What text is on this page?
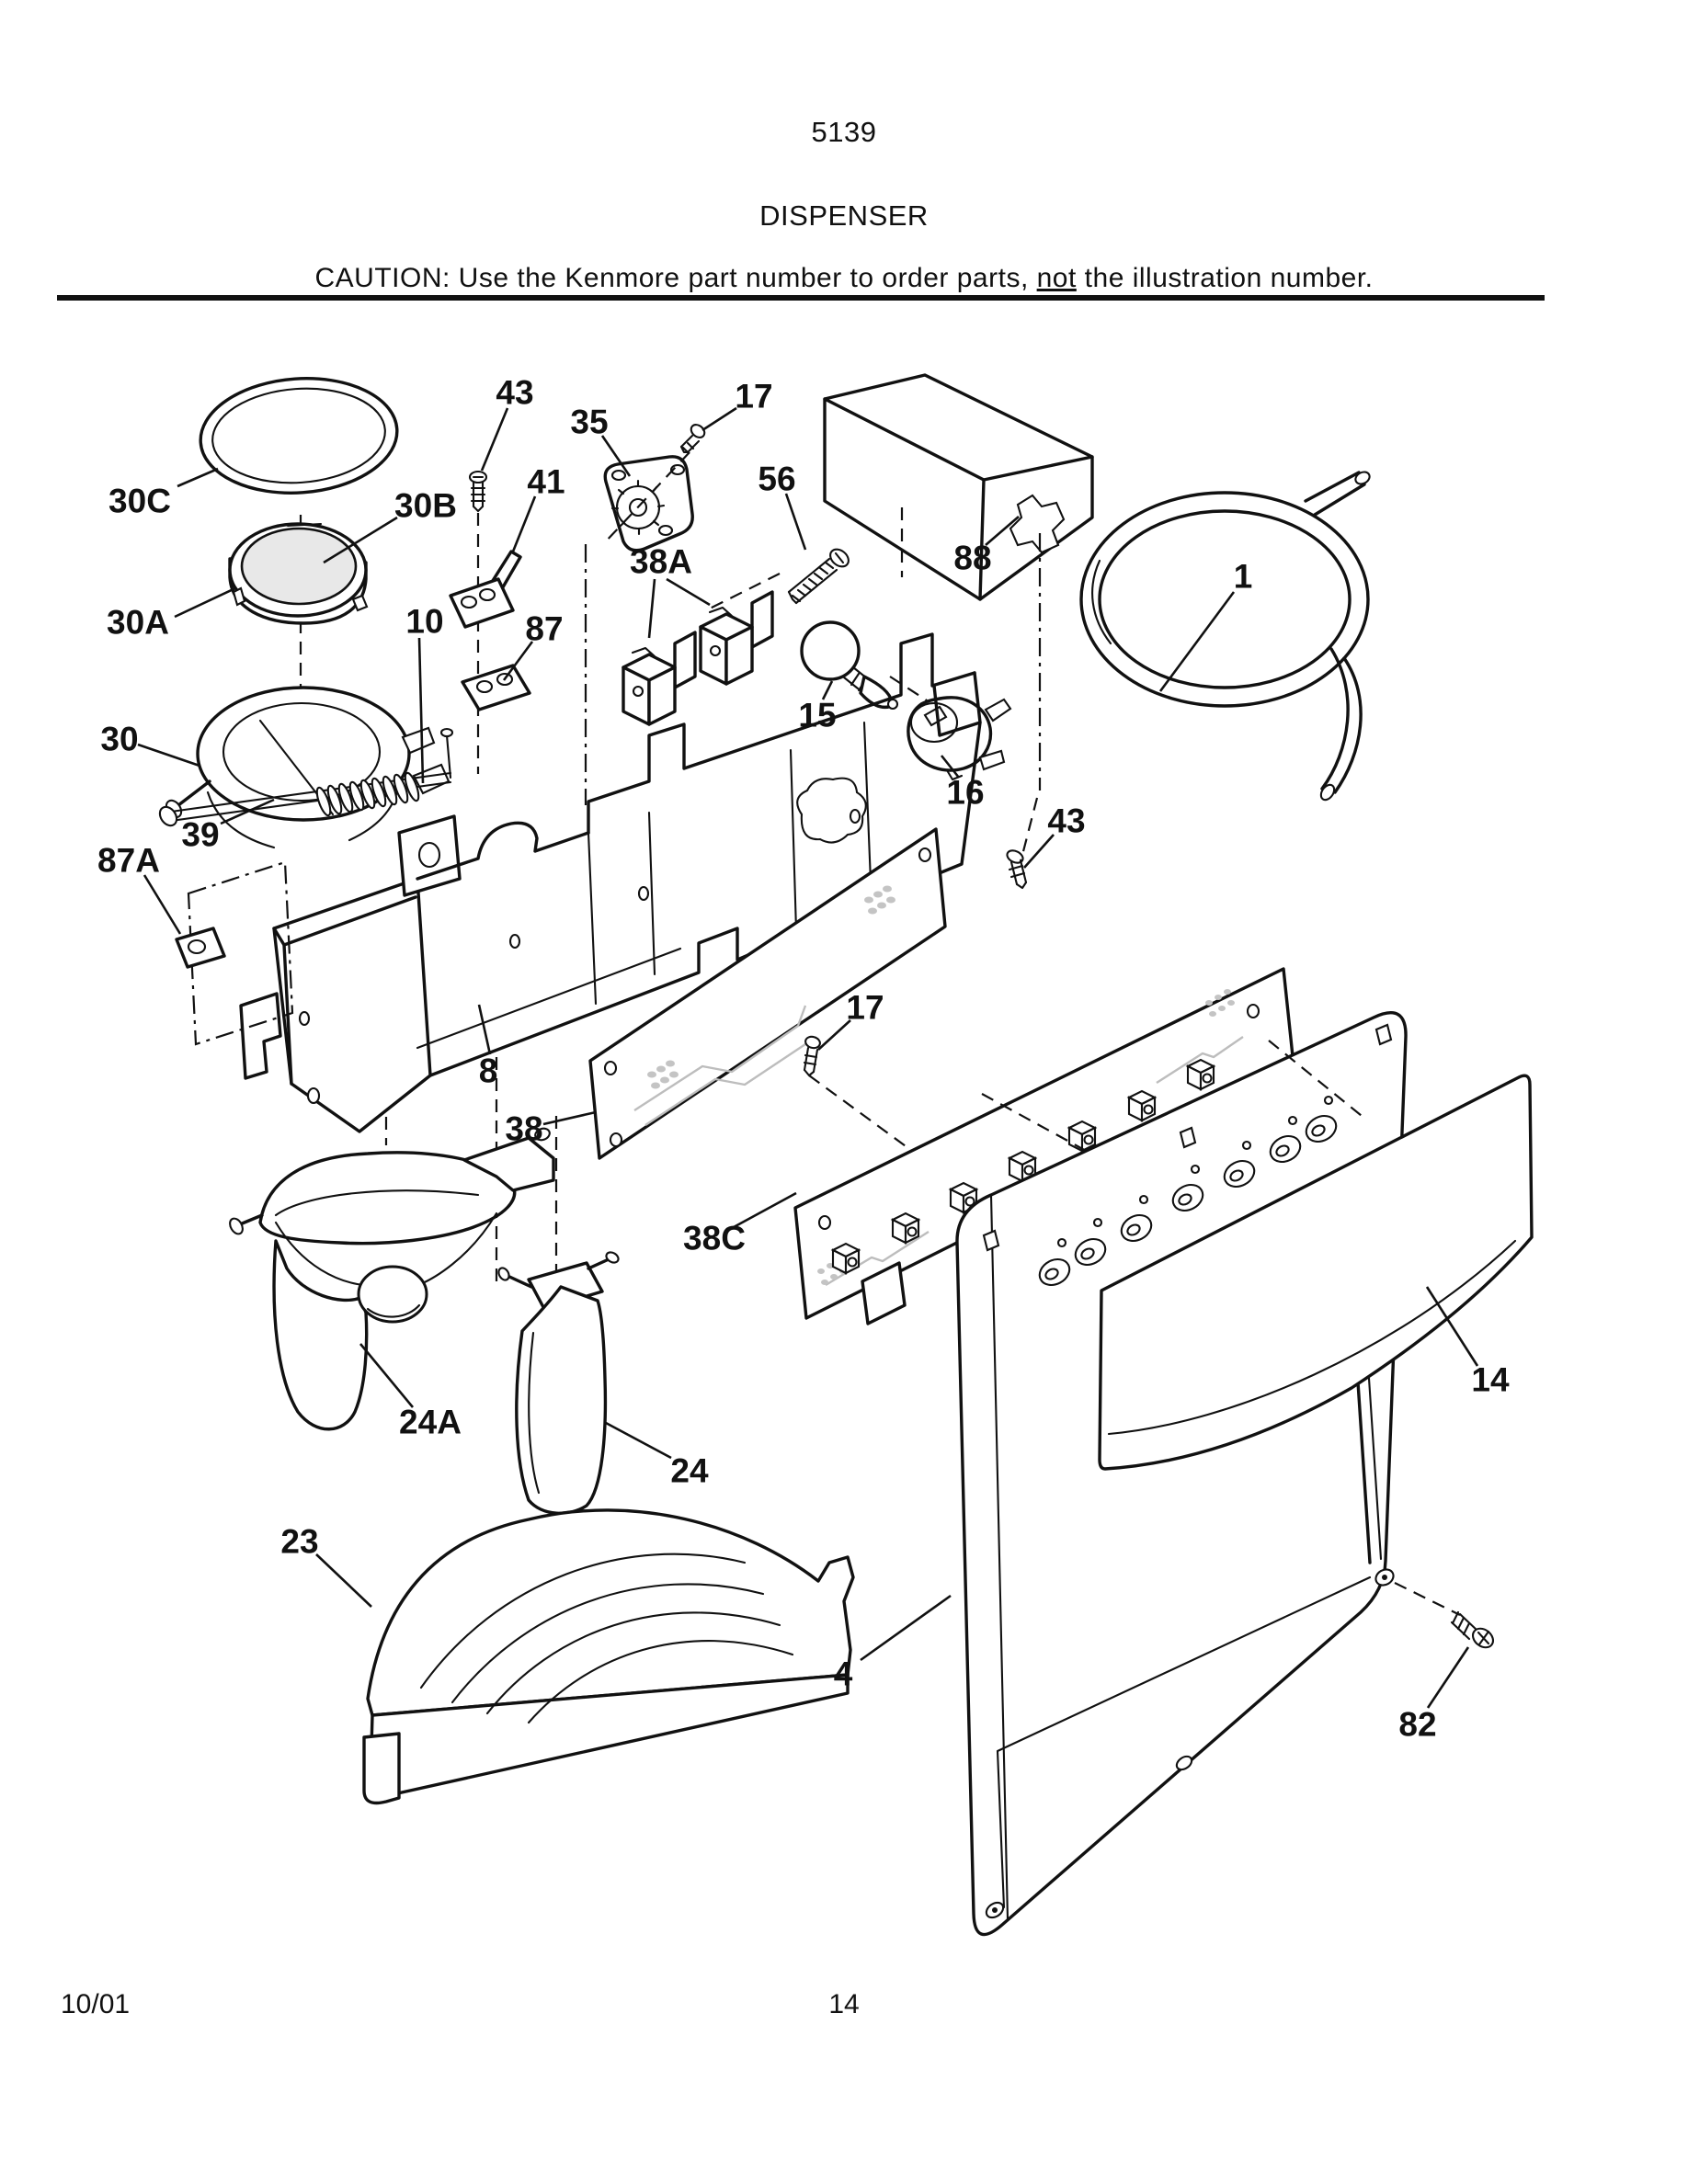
5139
DISPENSER
CAUTION: Use the Kenmore part number to order parts, not the illustration number.
30C	30B
43
41
35
17
56
88	1
30A	10 87
38A
30
39
87A
15
16
43
8
17
38
38C
24A
24
23
4
14
82
10/01	14
